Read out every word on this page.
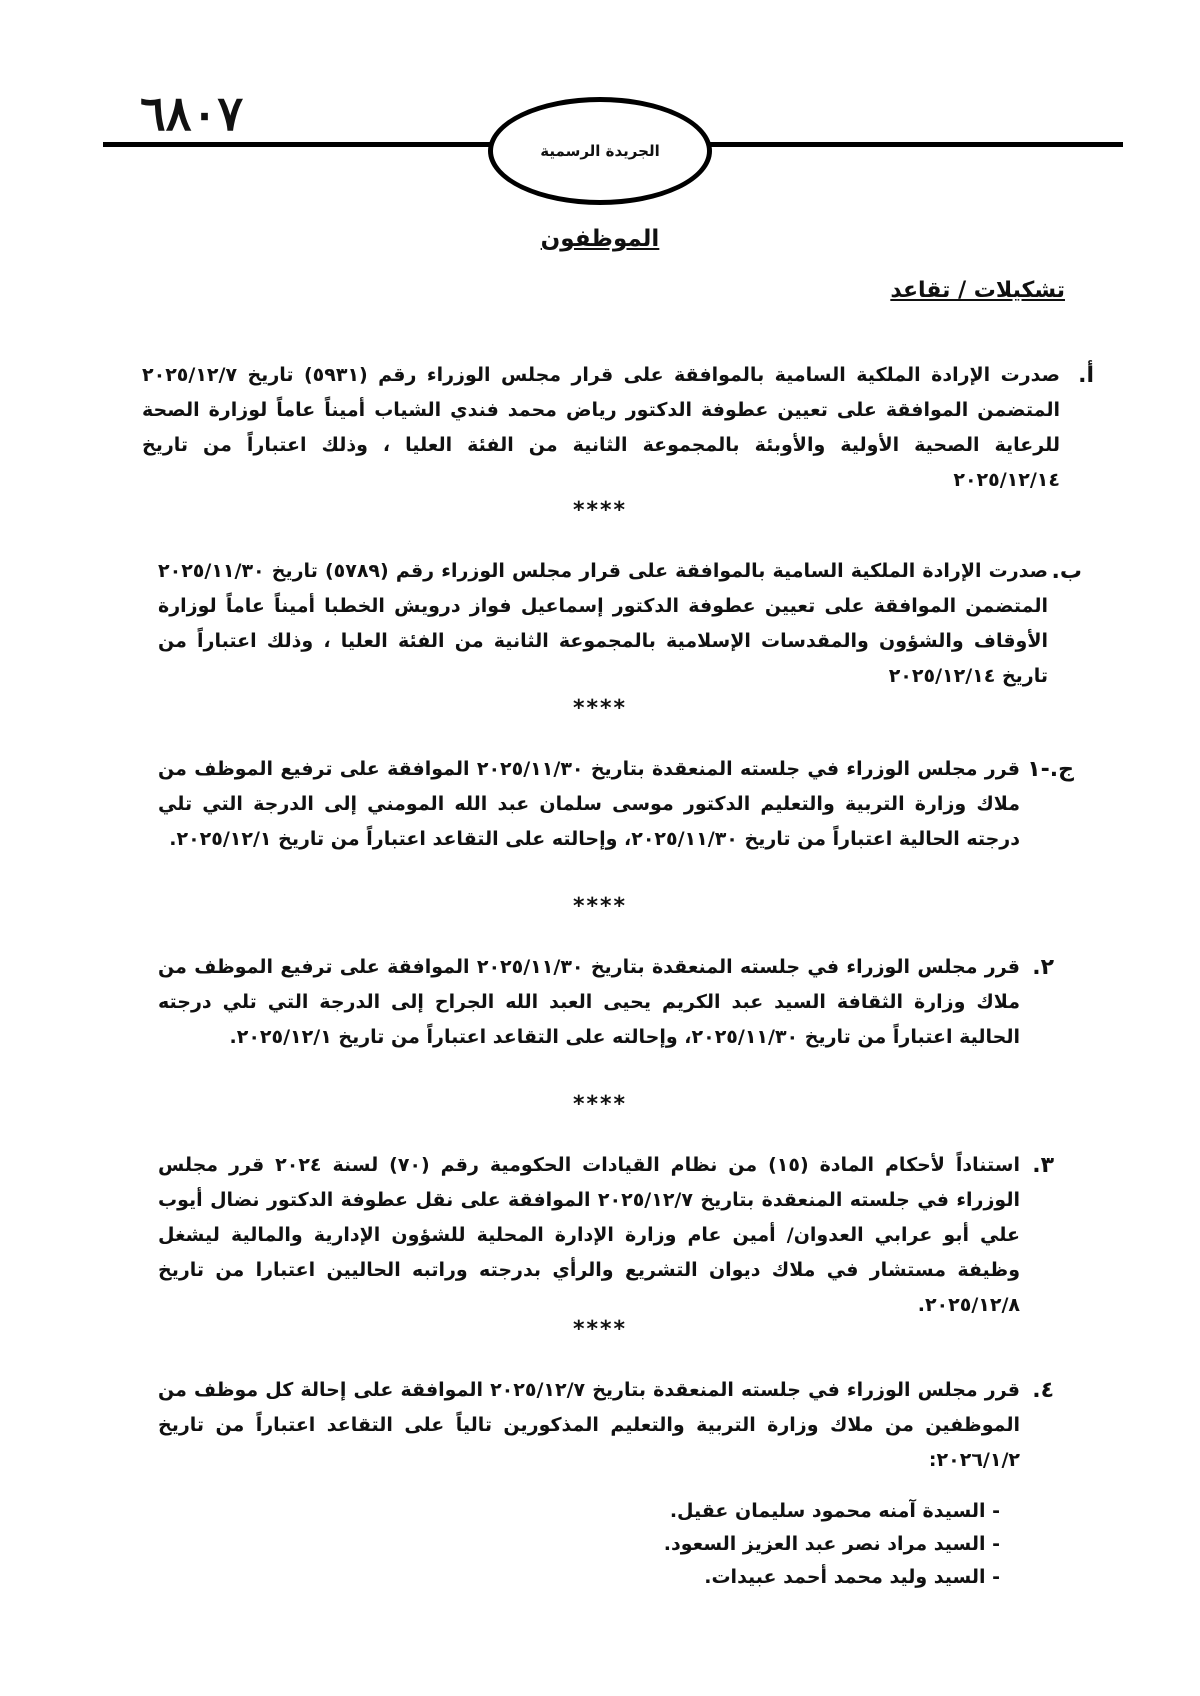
٦٨٠٧
الجريدة الرسمية
الموظفون
تشكيلات / تقاعد
أ.
صدرت الإرادة الملكية السامية بالموافقة على قرار مجلس الوزراء رقم (٥٩٣١) تاريخ ٢٠٢٥/١٢/٧ المتضمن الموافقة على تعيين عطوفة الدكتور رياض محمد فندي الشياب أميناً عاماً لوزارة الصحة للرعاية الصحية الأولية والأوبئة بالمجموعة الثانية من الفئة العليا ، وذلك اعتباراً من تاريخ ٢٠٢٥/١٢/١٤
****
ب.
صدرت الإرادة الملكية السامية بالموافقة على قرار مجلس الوزراء رقم (٥٧٨٩) تاريخ ٢٠٢٥/١١/٣٠ المتضمن الموافقة على تعيين عطوفة الدكتور إسماعيل فواز درويش الخطبا أميناً عاماً لوزارة الأوقاف والشؤون والمقدسات الإسلامية بالمجموعة الثانية من الفئة العليا ، وذلك اعتباراً من تاريخ ٢٠٢٥/١٢/١٤
****
ج.-١
قرر مجلس الوزراء في جلسته المنعقدة بتاريخ ٢٠٢٥/١١/٣٠ الموافقة على ترفيع الموظف من ملاك وزارة التربية والتعليم الدكتور موسى سلمان عبد الله المومني إلى الدرجة التي تلي درجته الحالية اعتباراً من تاريخ ٢٠٢٥/١١/٣٠، وإحالته على التقاعد اعتباراً من تاريخ ٢٠٢٥/١٢/١.
****
٢.
قرر مجلس الوزراء في جلسته المنعقدة بتاريخ ٢٠٢٥/١١/٣٠ الموافقة على ترفيع الموظف من ملاك وزارة الثقافة السيد عبد الكريم يحيى العبد الله الجراح إلى الدرجة التي تلي درجته الحالية اعتباراً من تاريخ ٢٠٢٥/١١/٣٠، وإحالته على التقاعد اعتباراً من تاريخ ٢٠٢٥/١٢/١.
****
٣.
استناداً لأحكام المادة (١٥) من نظام القيادات الحكومية رقم (٧٠) لسنة ٢٠٢٤ قرر مجلس الوزراء في جلسته المنعقدة بتاريخ ٢٠٢٥/١٢/٧ الموافقة على نقل عطوفة الدكتور نضال أيوب علي أبو عرابي العدوان/ أمين عام وزارة الإدارة المحلية للشؤون الإدارية والمالية ليشغل وظيفة مستشار في ملاك ديوان التشريع والرأي بدرجته وراتبه الحاليين اعتبارا من تاريخ ٢٠٢٥/١٢/٨.
****
٤.
قرر مجلس الوزراء في جلسته المنعقدة بتاريخ ٢٠٢٥/١٢/٧ الموافقة على إحالة كل موظف من الموظفين من ملاك وزارة التربية والتعليم المذكورين تالياً على التقاعد اعتباراً من تاريخ ٢٠٢٦/١/٢:
- السيدة آمنه محمود سليمان عقيل.
- السيد مراد نصر عبد العزيز السعود.
- السيد وليد محمد أحمد عبيدات.
